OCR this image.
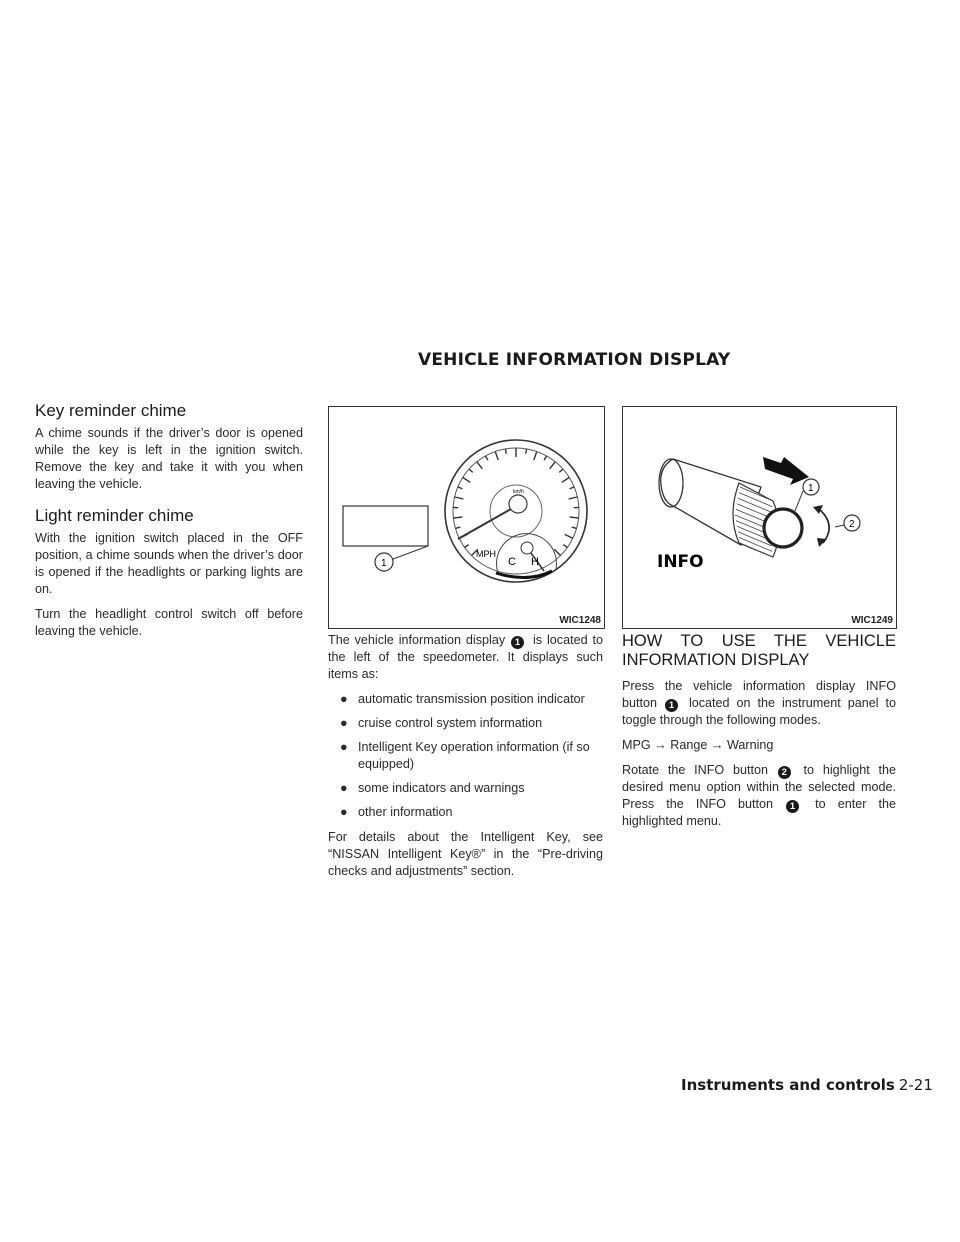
VEHICLE INFORMATION DISPLAY
Key reminder chime

A chime sounds if the driver’s door is opened while the key is left in the ignition switch. Remove the key and take it with you when leaving the vehicle.

Light reminder chime

With the ignition switch placed in the OFF position, a chime sounds when the driver’s door is opened if the headlights or parking lights are on.

Turn the headlight control switch off before leaving the vehicle.

1
km/h
MPH
C H
WIC1248
1
2
INFO
WIC1249

The vehicle information display 1 is located to the left of the speedometer. It displays such items as:

● automatic transmission position indicator
● cruise control system information
● Intelligent Key operation information (if so equipped)
● some indicators and warnings
● other information

For details about the Intelligent Key, see “NISSAN Intelligent Key®” in the “Pre-driving checks and adjustments” section.

HOW TO USE THE VEHICLE INFORMATION DISPLAY

Press the vehicle information display INFO button 1 located on the instrument panel to toggle through the following modes.

MPG → Range → Warning

Rotate the INFO button 2 to highlight the desired menu option within the selected mode. Press the INFO button 1 to enter the highlighted menu.

Instruments and controls 2-21
